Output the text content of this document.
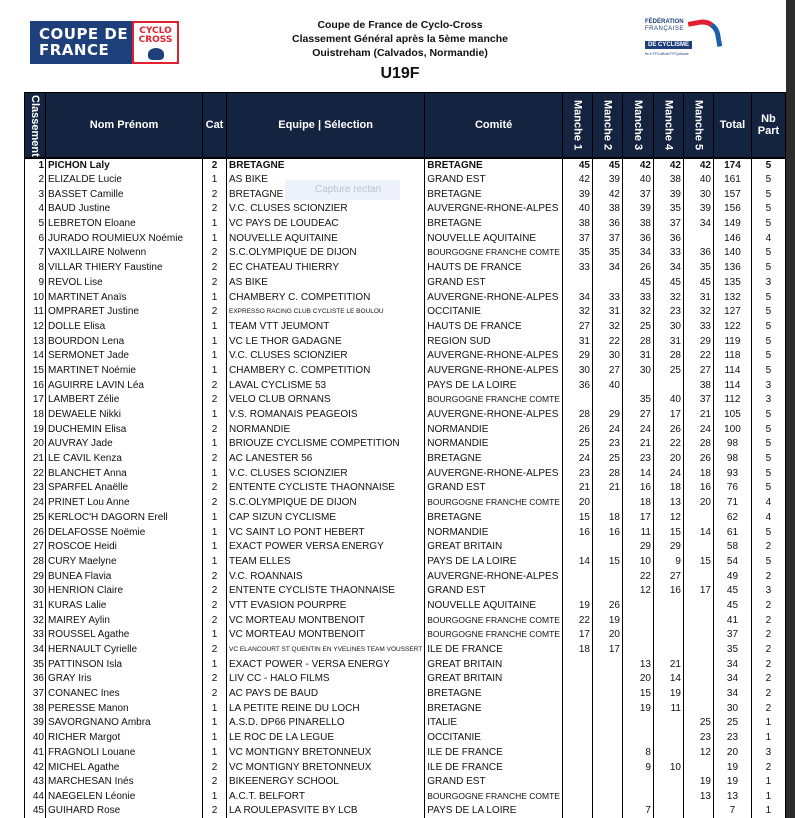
COUPE DE
FRANCE
CYCLO
CROSS
Coupe de France de Cyclo-Cross
Classement Général après la 5ème manche
Ouistreham (Calvados, Normandie)
U19F
FÉDÉRATION
FRANÇAISE
DE CYCLISME
ffc.fr FFCofficiel FFCyclisme
Classement	Nom Prénom	Cat	Equipe | Sélection	Comité	Manche 1	Manche 2	Manche 3	Manche 4	Manche 5	Total	Nb Part
1	PICHON Laly	2	BRETAGNE	BRETAGNE	45	45	42	42	42	174	5
2	ELIZALDE Lucie	1	AS BIKE	GRAND EST	42	39	40	38	40	161	5
3	BASSET Camille	2	BRETAGNE	BRETAGNE	39	42	37	39	30	157	5
4	BAUD Justine	2	V.C. CLUSES SCIONZIER	AUVERGNE-RHONE-ALPES	40	38	39	35	39	156	5
5	LEBRETON Eloane	1	VC PAYS DE LOUDEAC	BRETAGNE	38	36	38	37	34	149	5
6	JURADO ROUMIEUX Noémie	1	NOUVELLE AQUITAINE	NOUVELLE AQUITAINE	37	37	36	36		146	4
7	VAXILLAIRE Nolwenn	2	S.C.OLYMPIQUE DE DIJON	BOURGOGNE FRANCHE COMTE	35	35	34	33	36	140	5
8	VILLAR THIERY Faustine	2	EC CHATEAU THIERRY	HAUTS DE FRANCE	33	34	26	34	35	136	5
9	REVOL Lise	2	AS BIKE	GRAND EST			45	45	45	135	3
10	MARTINET Anaïs	1	CHAMBERY C. COMPETITION	AUVERGNE-RHONE-ALPES	34	33	33	32	31	132	5
11	OMPRARET Justine	2	EXPRESSO RACING CLUB CYCLISTE LE BOULOU	OCCITANIE	32	31	32	23	32	127	5
12	DOLLE Elisa	1	TEAM VTT JEUMONT	HAUTS DE FRANCE	27	32	25	30	33	122	5
13	BOURDON Lena	1	VC LE THOR GADAGNE	REGION SUD	31	22	28	31	29	119	5
14	SERMONET Jade	1	V.C. CLUSES SCIONZIER	AUVERGNE-RHONE-ALPES	29	30	31	28	22	118	5
15	MARTINET Noémie	1	CHAMBERY C. COMPETITION	AUVERGNE-RHONE-ALPES	30	27	30	25	27	114	5
16	AGUIRRE LAVIN Léa	2	LAVAL CYCLISME 53	PAYS DE LA LOIRE	36	40			38	114	3
17	LAMBERT Zélie	2	VELO CLUB ORNANS	BOURGOGNE FRANCHE COMTE			35	40	37	112	3
18	DEWAELE Nikki	1	V.S. ROMANAIS PEAGEOIS	AUVERGNE-RHONE-ALPES	28	29	27	17	21	105	5
19	DUCHEMIN Elisa	2	NORMANDIE	NORMANDIE	26	24	24	26	24	100	5
20	AUVRAY Jade	1	BRIOUZE CYCLISME COMPETITION	NORMANDIE	25	23	21	22	28	98	5
21	LE CAVIL Kenza	2	AC LANESTER 56	BRETAGNE	24	25	23	20	26	98	5
22	BLANCHET Anna	1	V.C. CLUSES SCIONZIER	AUVERGNE-RHONE-ALPES	23	28	14	24	18	93	5
23	SPARFEL Anaëlle	2	ENTENTE CYCLISTE THAONNAISE	GRAND EST	21	21	16	18	16	76	5
24	PRINET Lou Anne	2	S.C.OLYMPIQUE DE DIJON	BOURGOGNE FRANCHE COMTE	20		18	13	20	71	4
25	KERLOC'H DAGORN Erell	1	CAP SIZUN CYCLISME	BRETAGNE	15	18	17	12		62	4
26	DELAFOSSE Noëmie	1	VC SAINT LO PONT HEBERT	NORMANDIE	16	16	11	15	14	61	5
27	ROSCOE Heidi	1	EXACT POWER VERSA ENERGY	GREAT BRITAIN			29	29		58	2
28	CURY Maelyne	1	TEAM ELLES	PAYS DE LA LOIRE	14	15	10	9	15	54	5
29	BUNEA Flavia	2	V.C. ROANNAIS	AUVERGNE-RHONE-ALPES			22	27		49	2
30	HENRION Claire	2	ENTENTE CYCLISTE THAONNAISE	GRAND EST			12	16	17	45	3
31	KURAS Lalie	2	VTT EVASION POURPRE	NOUVELLE AQUITAINE	19	26				45	2
32	MAIREY Aylin	2	VC MORTEAU MONTBENOIT	BOURGOGNE FRANCHE COMTE	22	19				41	2
33	ROUSSEL Agathe	1	VC MORTEAU MONTBENOIT	BOURGOGNE FRANCHE COMTE	17	20				37	2
34	HERNAULT Cyrielle	2	VC ELANCOURT ST QUENTIN EN YVELINES TEAM VOUSSERT	ILE DE FRANCE	18	17				35	2
35	PATTINSON Isla	1	EXACT POWER - VERSA ENERGY	GREAT BRITAIN			13	21		34	2
36	GRAY Iris	2	LIV CC - HALO FILMS	GREAT BRITAIN			20	14		34	2
37	CONANEC Ines	2	AC PAYS DE BAUD	BRETAGNE			15	19		34	2
38	PERESSE Manon	1	LA PETITE REINE DU LOCH	BRETAGNE			19	11		30	2
39	SAVORGNANO Ambra	1	A.S.D. DP66 PINARELLO	ITALIE					25	25	1
40	RICHER Margot	1	LE ROC DE LA LEGUE	OCCITANIE					23	23	1
41	FRAGNOLI Louane	1	VC MONTIGNY BRETONNEUX	ILE DE FRANCE			8		12	20	3
42	MICHEL Agathe	2	VC MONTIGNY BRETONNEUX	ILE DE FRANCE			9	10		19	2
43	MARCHESAN Inés	2	BIKEENERGY SCHOOL	GRAND EST					19	19	1
44	NAEGELEN Léonie	1	A.C.T. BELFORT	BOURGOGNE FRANCHE COMTE					13	13	1
45	GUIHARD Rose	2	LA ROULEPASVITE BY LCB	PAYS DE LA LOIRE			7			7	1
Capture rectan
